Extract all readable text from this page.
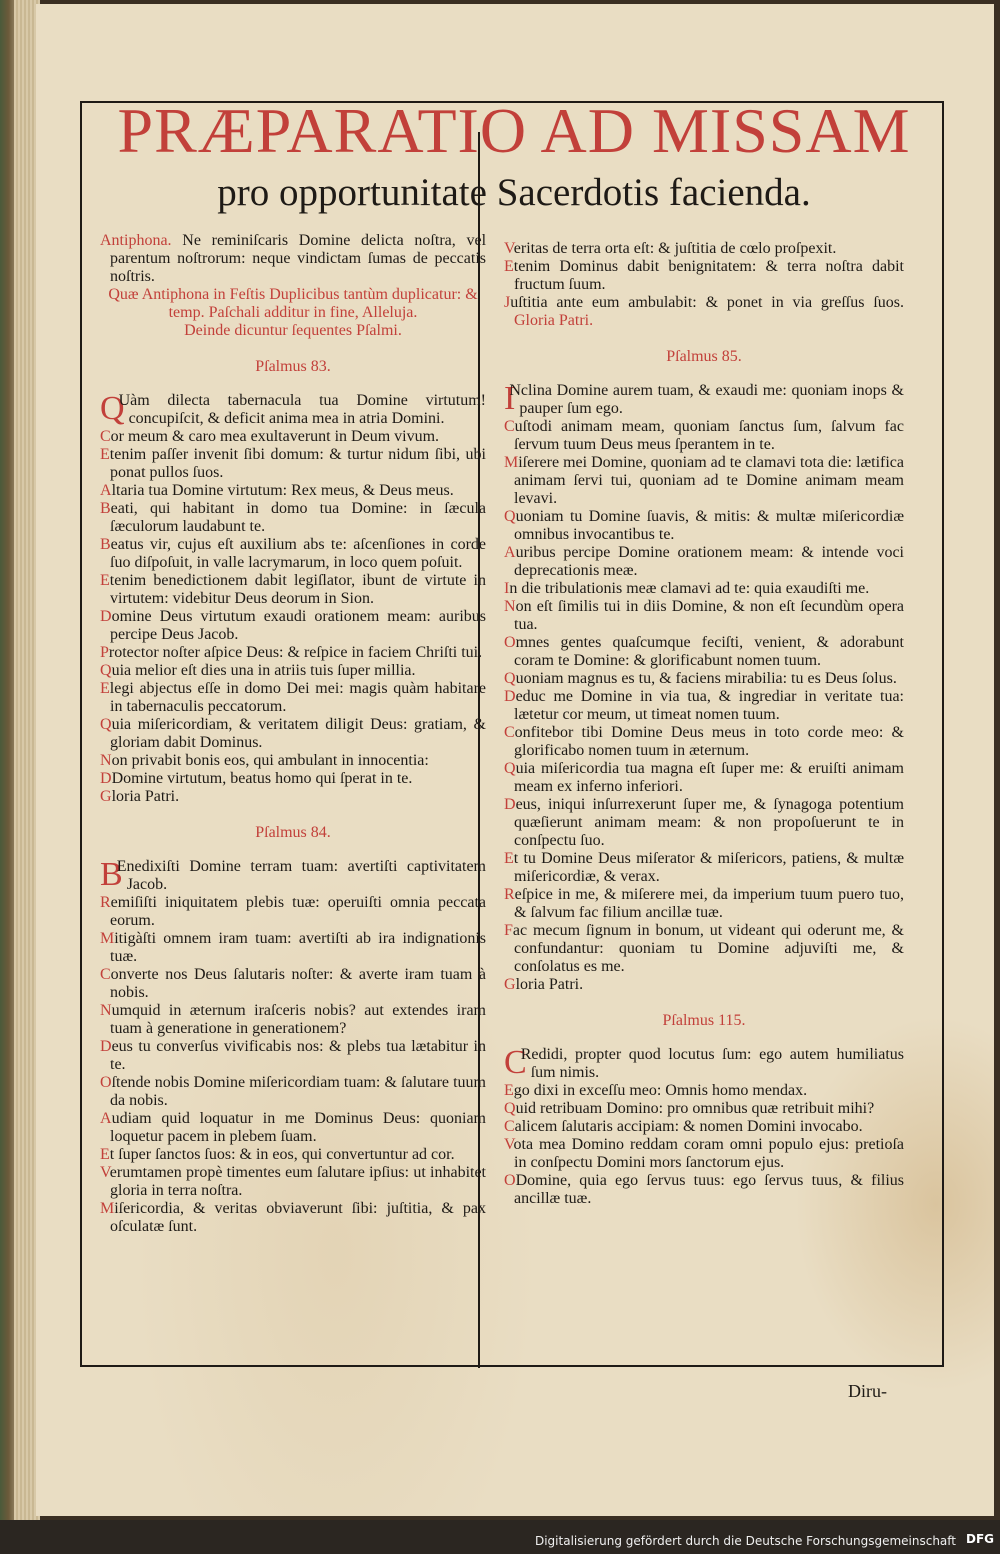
PRÆPARATIO AD MISSAM
pro opportunitate Sacerdotis facienda.

Antiphona. Ne reminiſcaris Domine delicta noſtra, vel parentum noſtrorum: neque vindictam ſumas de peccatis noſtris.

Quæ Antiphona in Feſtis Duplicibus tantùm duplicatur: & temp. Paſchali additur in fine, Alleluja.

Deinde dicuntur ſequentes Pſalmi.

Pſalmus 83.

Q
Uàm dilecta tabernacula tua Domine virtutum! concupiſcit, & deficit anima mea in atria Domini.

Cor meum & caro mea exultaverunt in Deum vivum.

Etenim paſſer invenit ſibi domum: & turtur nidum ſibi, ubi ponat pullos ſuos.

Altaria tua Domine virtutum: Rex meus, & Deus meus.

Beati, qui habitant in domo tua Domine: in ſæcula ſæculorum laudabunt te.

Beatus vir, cujus eſt auxilium abs te: aſcenſiones in corde ſuo diſpoſuit, in valle lacrymarum, in loco quem poſuit.

Etenim benedictionem dabit legiſlator, ibunt de virtute in virtutem: videbitur Deus deorum in Sion.

Domine Deus virtutum exaudi orationem meam: auribus percipe Deus Jacob.

Protector noſter aſpice Deus: & reſpice in faciem Chriſti tui.

Quia melior eſt dies una in atriis tuis ſuper millia.

Elegi abjectus eſſe in domo Dei mei: magis quàm habitare in tabernaculis peccatorum.

Quia miſericordiam, & veritatem diligit Deus: gratiam, & gloriam dabit Dominus.

Non privabit bonis eos, qui ambulant in innocentia:

DDomine virtutum, beatus homo qui ſperat in te.

Gloria Patri.

Pſalmus 84.

B
Enedixiſti Domine terram tuam: avertiſti captivitatem Jacob.

Remiſiſti iniquitatem plebis tuæ: operuiſti omnia peccata eorum.

Mitigàſti omnem iram tuam: avertiſti ab ira indignationis tuæ.

Converte nos Deus ſalutaris noſter: & averte iram tuam à nobis.

Numquid in æternum iraſceris nobis? aut extendes iram tuam à generatione in generationem?

Deus tu converſus vivificabis nos: & plebs tua lætabitur in te.

Oſtende nobis Domine miſericordiam tuam: & ſalutare tuum da nobis.

Audiam quid loquatur in me Dominus Deus: quoniam loquetur pacem in plebem ſuam.

Et ſuper ſanctos ſuos: & in eos, qui convertuntur ad cor.

Verumtamen propè timentes eum ſalutare ipſius: ut inhabitet gloria in terra noſtra.

Miſericordia, & veritas obviaverunt ſibi: juſtitia, & pax oſculatæ ſunt.

Veritas de terra orta eſt: & juſtitia de cœlo proſpexit.

Etenim Dominus dabit benignitatem: & terra noſtra dabit fructum ſuum.

Juſtitia ante eum ambulabit: & ponet in via greſſus ſuos. Gloria Patri.

Pſalmus 85.

I
Nclina Domine aurem tuam, & exaudi me: quoniam inops & pauper ſum ego.

Cuſtodi animam meam, quoniam ſanctus ſum, ſalvum fac ſervum tuum Deus meus ſperantem in te.

Miſerere mei Domine, quoniam ad te clamavi tota die: lætifica animam ſervi tui, quoniam ad te Domine animam meam levavi.

Quoniam tu Domine ſuavis, & mitis: & multæ miſericordiæ omnibus invocantibus te.

Auribus percipe Domine orationem meam: & intende voci deprecationis meæ.

In die tribulationis meæ clamavi ad te: quia exaudiſti me.

Non eſt ſimilis tui in diis Domine, & non eſt ſecundùm opera tua.

Omnes gentes quaſcumque feciſti, venient, & adorabunt coram te Domine: & glorificabunt nomen tuum.

Quoniam magnus es tu, & faciens mirabilia: tu es Deus ſolus.

Deduc me Domine in via tua, & ingrediar in veritate tua: lætetur cor meum, ut timeat nomen tuum.

Confitebor tibi Domine Deus meus in toto corde meo: & glorificabo nomen tuum in æternum.

Quia miſericordia tua magna eſt ſuper me: & eruiſti animam meam ex inferno inferiori.

Deus, iniqui inſurrexerunt ſuper me, & ſynagoga potentium quæſierunt animam meam: & non propoſuerunt te in conſpectu ſuo.

Et tu Domine Deus miſerator & miſericors, patiens, & multæ miſericordiæ, & verax.

Reſpice in me, & miſerere mei, da imperium tuum puero tuo, & ſalvum fac filium ancillæ tuæ.

Fac mecum ſignum in bonum, ut videant qui oderunt me, & confundantur: quoniam tu Domine adjuviſti me, & conſolatus es me.

Gloria Patri.

Pſalmus 115.

C
Redidi, propter quod locutus ſum: ego autem humiliatus ſum nimis.

Ego dixi in exceſſu meo: Omnis homo mendax.

Quid retribuam Domino: pro omnibus quæ retribuit mihi?

Calicem ſalutaris accipiam: & nomen Domini invocabo.

Vota mea Domino reddam coram omni populo ejus: pretioſa in conſpectu Domini mors ſanctorum ejus.

ODomine, quia ego ſervus tuus: ego ſervus tuus, & filius ancillæ tuæ.

Diru-
Digitalisierung gefördert durch die Deutsche Forschungsgemeinschaft DFG
